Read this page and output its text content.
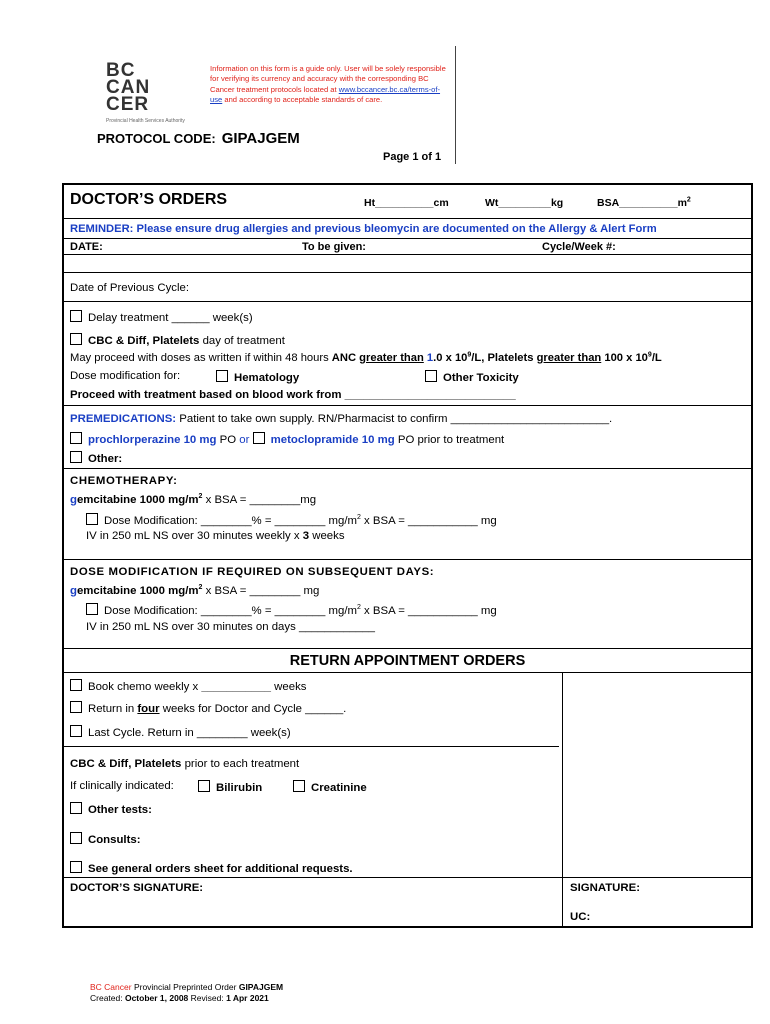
BC
CAN
CER
Provincial Health Services Authority
Information on this form is a guide only. User will be solely responsible for verifying its currency and accuracy with the corresponding BC Cancer treatment protocols located at www.bccancer.bc.ca/terms-of-use and according to acceptable standards of care.
PROTOCOL CODE: GIPAJGEM
Page 1 of 1
DOCTOR’S ORDERS	Ht__________cm	Wt_________kg	$BSA\_\_\_\_\_\_\_\_\_\_m^2$
REMINDER: Please ensure drug allergies and previous bleomycin are documented on the Allergy & Alert Form
DATE:	To be given:	Cycle/Week #:
Date of Previous Cycle:
Delay treatment ______ week(s)
CBC & Diff, Platelets day of treatment
May proceed with doses as written if within 48 hours ANC greater than 1.0 x $10^9/L$, Platelets greater than 100 x $10^9/L$
Dose modification for:	Hematology	Other Toxicity
Proceed with treatment based on blood work from ___________________________
PREMEDICATIONS: Patient to take own supply. RN/Pharmacist to confirm _________________________.
prochlorperazine 10 mg PO or metoclopramide 10 mg PO prior to treatment
Other:
CHEMOTHERAPY:
gemcitabine 1000 $mg/m^2$ x BSA = ________mg
Dose Modification: ________% = ________ $mg/m^2$ x BSA = ___________ mg
IV in 250 mL NS over 30 minutes weekly x 3 weeks
DOSE MODIFICATION IF REQUIRED ON SUBSEQUENT DAYS:
gemcitabine 1000 $mg/m^2$ x BSA = ________ mg
Dose Modification: ________% = ________ $mg/m^2$ x BSA = ___________ mg
IV in 250 mL NS over 30 minutes on days ____________
RETURN APPOINTMENT ORDERS
Book chemo weekly x ___________ weeks
Return in four weeks for Doctor and Cycle ______.
Last Cycle. Return in ________ week(s)
CBC & Diff, Platelets prior to each treatment
If clinically indicated:	Bilirubin	Creatinine
Other tests:
Consults:
See general orders sheet for additional requests.
DOCTOR’S SIGNATURE:	SIGNATURE:
UC:
BC Cancer Provincial Preprinted Order GIPAJGEM
Created: October 1, 2008 Revised: 1 Apr 2021
